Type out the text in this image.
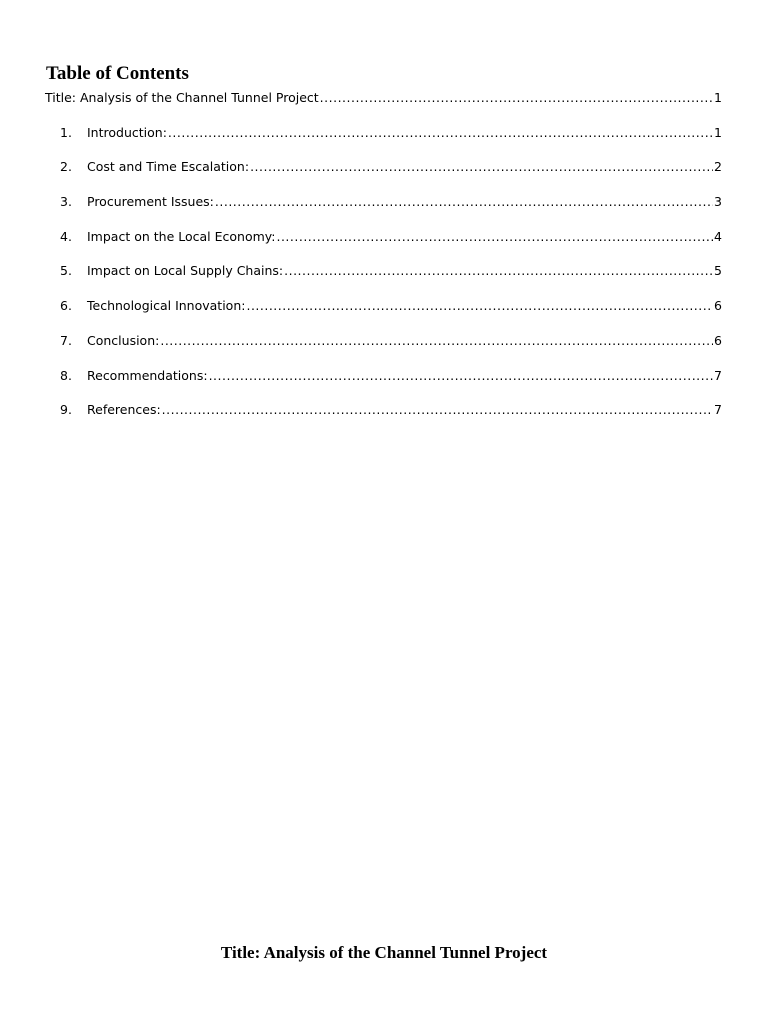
Table of Contents
Title: Analysis of the Channel Tunnel Project .....	1
1.	Introduction: .....	1
2.	Cost and Time Escalation: .....	2
3.	Procurement Issues: .....	3
4.	Impact on the Local Economy: .....	4
5.	Impact on Local Supply Chains: .....	5
6.	Technological Innovation: .....	6
7.	Conclusion: .....	6
8.	Recommendations: .....	7
9.	References: .....	7
Title: Analysis of the Channel Tunnel Project
